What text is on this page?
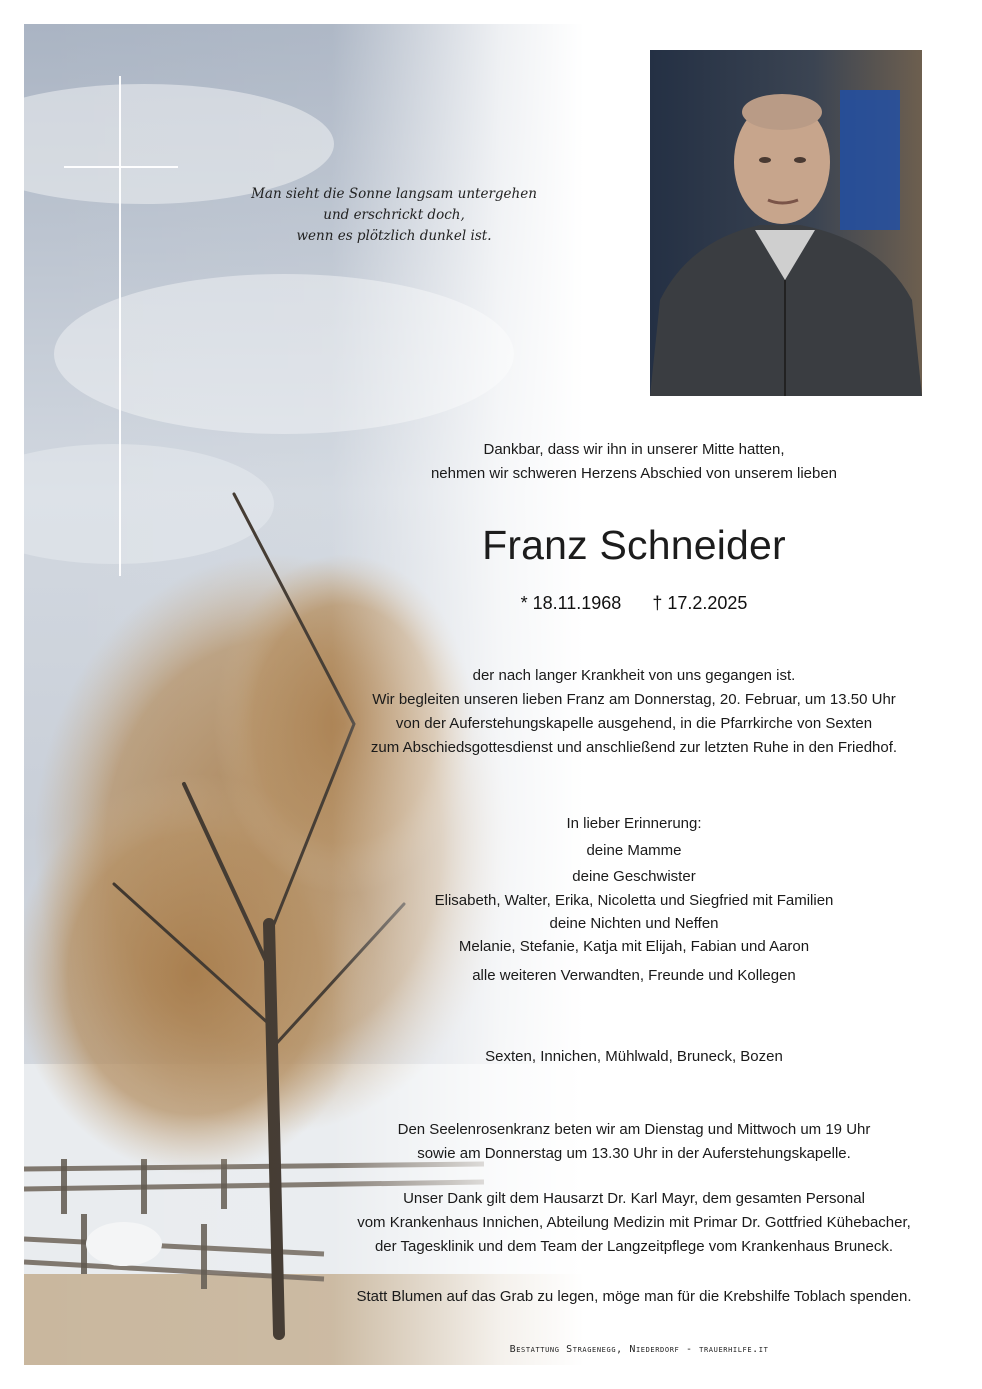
Man sieht die Sonne langsam untergehen
und erschrickt doch,
wenn es plötzlich dunkel ist.
Dankbar, dass wir ihn in unserer Mitte hatten,
nehmen wir schweren Herzens Abschied von unserem lieben
Franz Schneider
* 18.11.1968 † 17.2.2025
der nach langer Krankheit von uns gegangen ist.
Wir begleiten unseren lieben Franz am Donnerstag, 20. Februar, um 13.50 Uhr
von der Auferstehungskapelle ausgehend, in die Pfarrkirche von Sexten
zum Abschiedsgottesdienst und anschließend zur letzten Ruhe in den Friedhof.
In lieber Erinnerung:
deine Mamme
deine Geschwister
Elisabeth, Walter, Erika, Nicoletta und Siegfried mit Familien
deine Nichten und Neffen
Melanie, Stefanie, Katja mit Elijah, Fabian und Aaron
alle weiteren Verwandten, Freunde und Kollegen
Sexten, Innichen, Mühlwald, Bruneck, Bozen
Den Seelenrosenkranz beten wir am Dienstag und Mittwoch um 19 Uhr
sowie am Donnerstag um 13.30 Uhr in der Auferstehungskapelle.
Unser Dank gilt dem Hausarzt Dr. Karl Mayr, dem gesamten Personal
vom Krankenhaus Innichen, Abteilung Medizin mit Primar Dr. Gottfried Kühebacher,
der Tagesklinik und dem Team der Langzeitpflege vom Krankenhaus Bruneck.
Statt Blumen auf das Grab zu legen, möge man für die Krebshilfe Toblach spenden.
Bestattung Stragenegg, Niederdorf - trauerhilfe.it
